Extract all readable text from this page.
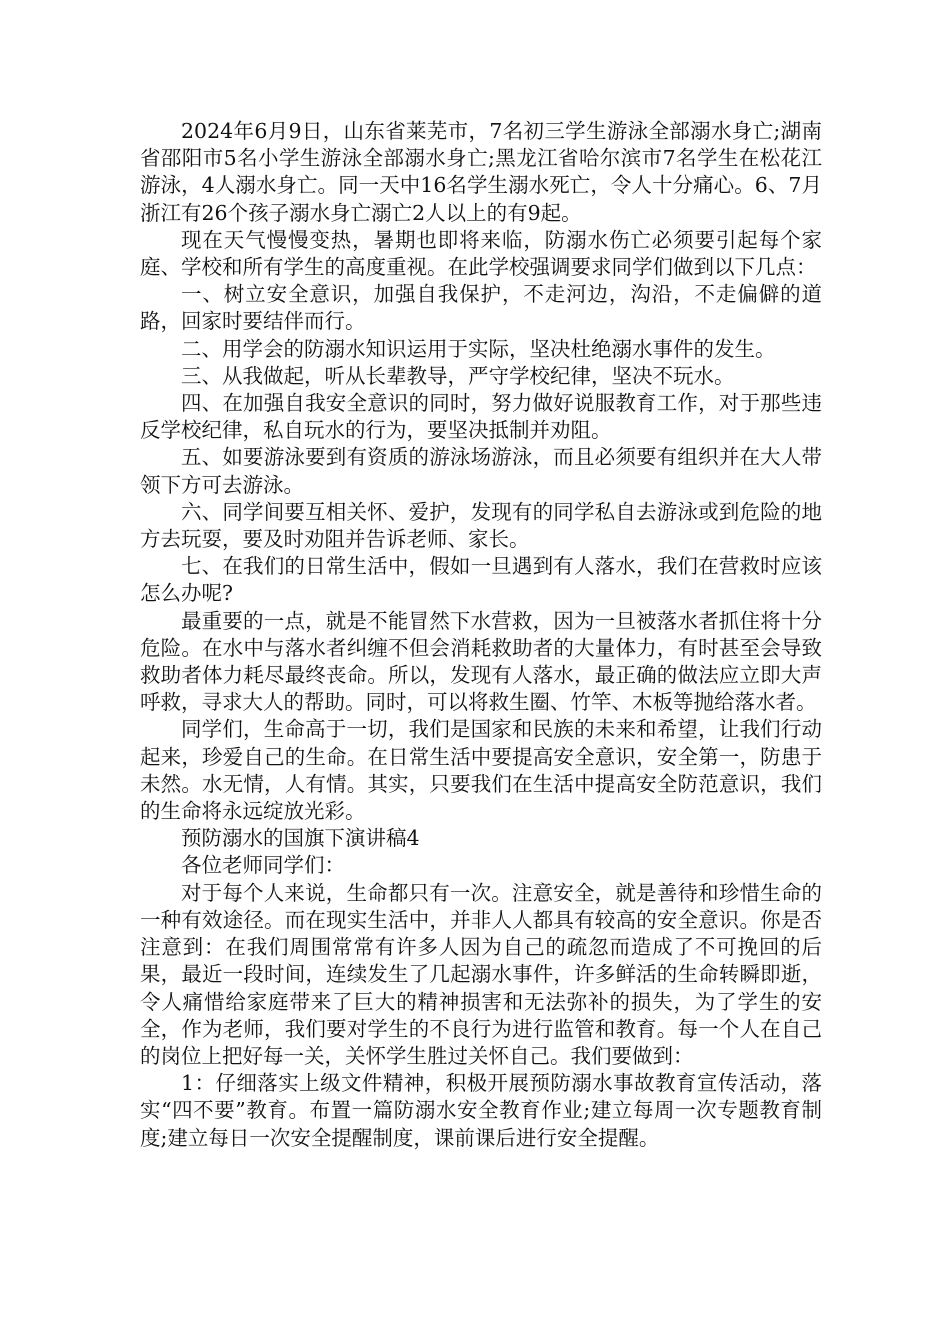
2024年6月9日，山东省莱芜市，7名初三学生游泳全部溺水身亡;湖南省邵阳市5名小学生游泳全部溺水身亡;黑龙江省哈尔滨市7名学生在松花江游泳，4人溺水身亡。同一天中16名学生溺水死亡，令人十分痛心。6、7月浙江有26个孩子溺水身亡溺亡2人以上的有9起。

现在天气慢慢变热，暑期也即将来临，防溺水伤亡必须要引起每个家庭、学校和所有学生的高度重视。在此学校强调要求同学们做到以下几点：

一、树立安全意识，加强自我保护，不走河边，沟沿，不走偏僻的道路，回家时要结伴而行。

二、用学会的防溺水知识运用于实际，坚决杜绝溺水事件的发生。

三、从我做起，听从长辈教导，严守学校纪律，坚决不玩水。

四、在加强自我安全意识的同时，努力做好说服教育工作，对于那些违反学校纪律，私自玩水的行为，要坚决抵制并劝阻。

五、如要游泳要到有资质的游泳场游泳，而且必须要有组织并在大人带领下方可去游泳。

六、同学间要互相关怀、爱护，发现有的同学私自去游泳或到危险的地方去玩耍，要及时劝阻并告诉老师、家长。

七、在我们的日常生活中，假如一旦遇到有人落水，我们在营救时应该怎么办呢?

最重要的一点，就是不能冒然下水营救，因为一旦被落水者抓住将十分危险。在水中与落水者纠缠不但会消耗救助者的大量体力，有时甚至会导致救助者体力耗尽最终丧命。所以，发现有人落水，最正确的做法应立即大声呼救，寻求大人的帮助。同时，可以将救生圈、竹竿、木板等抛给落水者。

同学们，生命高于一切，我们是国家和民族的未来和希望，让我们行动起来，珍爱自己的生命。在日常生活中要提高安全意识，安全第一，防患于未然。水无情，人有情。其实，只要我们在生活中提高安全防范意识，我们的生命将永远绽放光彩。

预防溺水的国旗下演讲稿4

各位老师同学们：

对于每个人来说，生命都只有一次。注意安全，就是善待和珍惜生命的一种有效途径。而在现实生活中，并非人人都具有较高的安全意识。你是否注意到：在我们周围常常有许多人因为自己的疏忽而造成了不可挽回的后果，最近一段时间，连续发生了几起溺水事件，许多鲜活的生命转瞬即逝，令人痛惜给家庭带来了巨大的精神损害和无法弥补的损失，为了学生的安全，作为老师，我们要对学生的不良行为进行监管和教育。每一个人在自己的岗位上把好每一关，关怀学生胜过关怀自己。我们要做到：

1：仔细落实上级文件精神，积极开展预防溺水事故教育宣传活动，落实“四不要”教育。布置一篇防溺水安全教育作业;建立每周一次专题教育制度;建立每日一次安全提醒制度，课前课后进行安全提醒。
